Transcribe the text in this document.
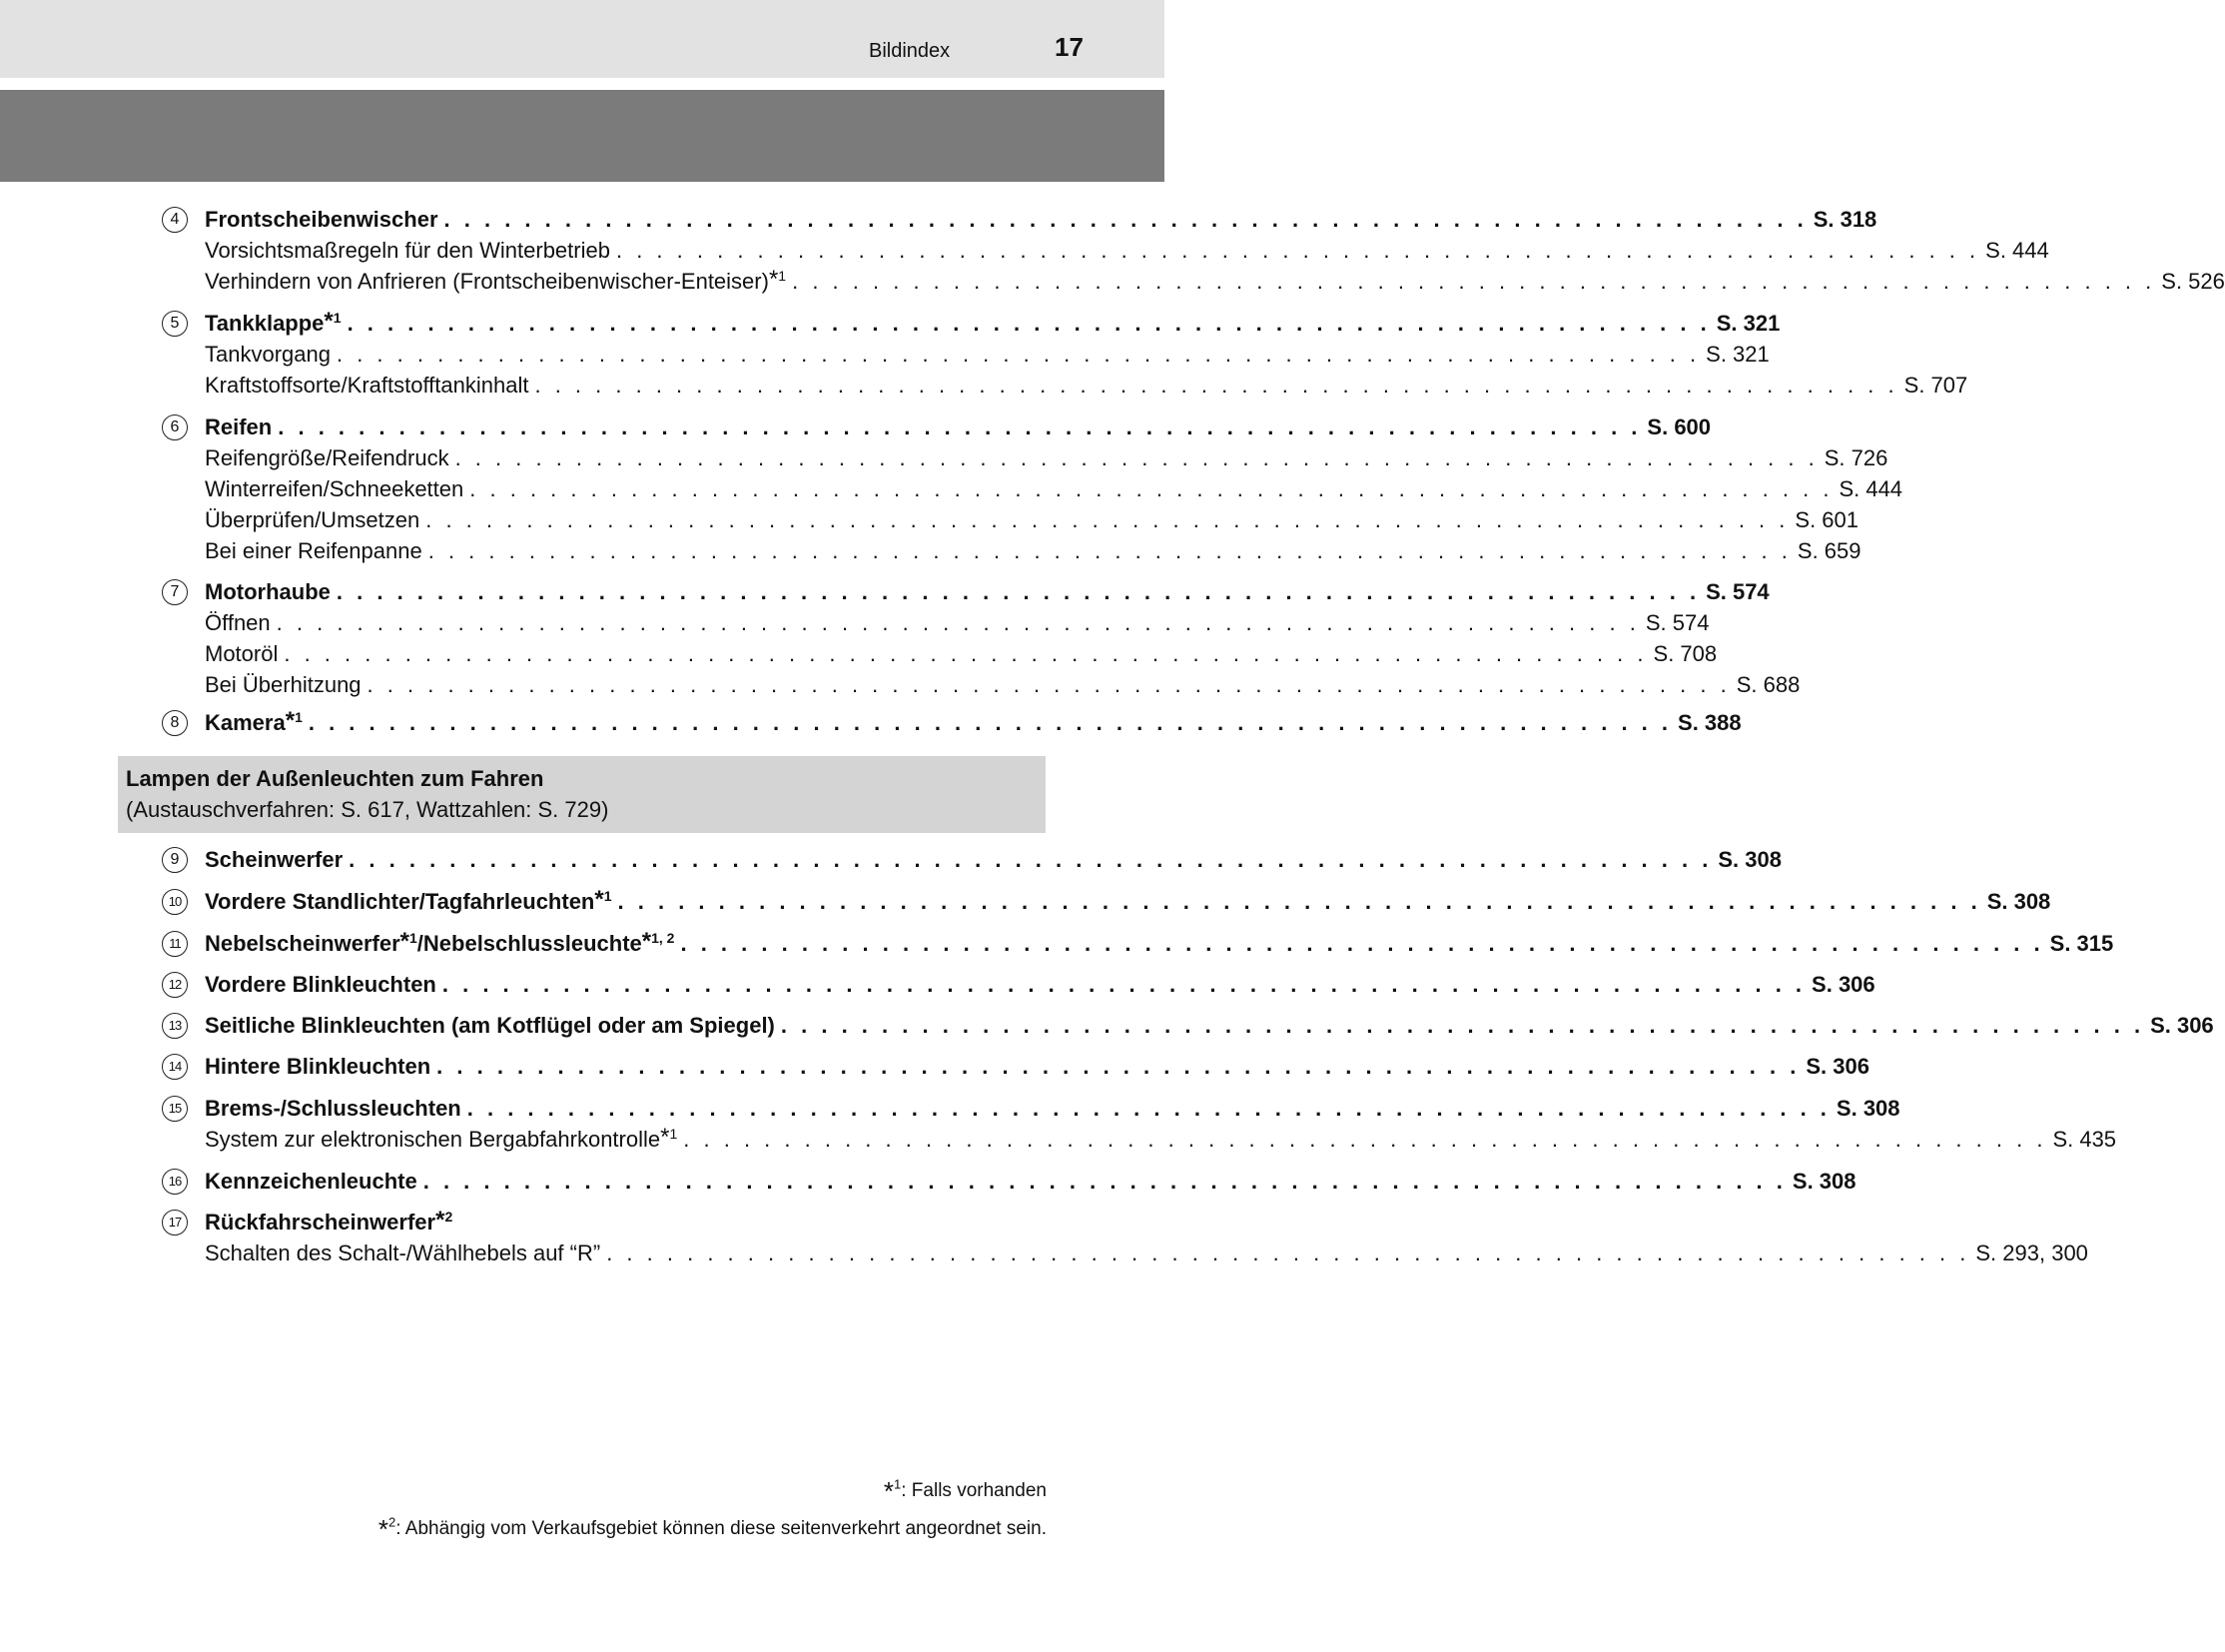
Bildindex	17
4	Frontscheibenwischer . . . . . . . . . . . . . . . . . . . . . . . . . . . . . . . . . . . . . . . . . . . . . . . . . . . . . . . . . . . . . . . . . . . . S. 318
Vorsichtsmaßregeln für den Winterbetrieb . . . . . . . . . . . . . . . . . . . . . . . . . . . . . . . . . . . . . . . . . . . . . . . . . . . . . . . . . . . . . . . . . . . . S. 444
Verhindern von Anfrieren (Frontscheibenwischer-Enteiser)$^{*1}$ . . . . . . . . . . . . . . . . . . . . . . . . . . . . . . . . . . . . . . . . . . . . . . . . . . . . . . . . . . . . . . . . . . . . S. 526
5	Tankklappe$^{*1}$ . . . . . . . . . . . . . . . . . . . . . . . . . . . . . . . . . . . . . . . . . . . . . . . . . . . . . . . . . . . . . . . . . . . . S. 321
Tankvorgang . . . . . . . . . . . . . . . . . . . . . . . . . . . . . . . . . . . . . . . . . . . . . . . . . . . . . . . . . . . . . . . . . . . . S. 321
Kraftstoffsorte/Kraftstofftankinhalt . . . . . . . . . . . . . . . . . . . . . . . . . . . . . . . . . . . . . . . . . . . . . . . . . . . . . . . . . . . . . . . . . . . . S. 707
6	Reifen . . . . . . . . . . . . . . . . . . . . . . . . . . . . . . . . . . . . . . . . . . . . . . . . . . . . . . . . . . . . . . . . . . . . S. 600
Reifengröße/Reifendruck . . . . . . . . . . . . . . . . . . . . . . . . . . . . . . . . . . . . . . . . . . . . . . . . . . . . . . . . . . . . . . . . . . . . S. 726
Winterreifen/Schneeketten . . . . . . . . . . . . . . . . . . . . . . . . . . . . . . . . . . . . . . . . . . . . . . . . . . . . . . . . . . . . . . . . . . . . S. 444
Überprüfen/Umsetzen . . . . . . . . . . . . . . . . . . . . . . . . . . . . . . . . . . . . . . . . . . . . . . . . . . . . . . . . . . . . . . . . . . . . S. 601
Bei einer Reifenpanne . . . . . . . . . . . . . . . . . . . . . . . . . . . . . . . . . . . . . . . . . . . . . . . . . . . . . . . . . . . . . . . . . . . . S. 659
7	Motorhaube . . . . . . . . . . . . . . . . . . . . . . . . . . . . . . . . . . . . . . . . . . . . . . . . . . . . . . . . . . . . . . . . . . . . S. 574
Öffnen . . . . . . . . . . . . . . . . . . . . . . . . . . . . . . . . . . . . . . . . . . . . . . . . . . . . . . . . . . . . . . . . . . . . S. 574
Motoröl . . . . . . . . . . . . . . . . . . . . . . . . . . . . . . . . . . . . . . . . . . . . . . . . . . . . . . . . . . . . . . . . . . . . S. 708
Bei Überhitzung . . . . . . . . . . . . . . . . . . . . . . . . . . . . . . . . . . . . . . . . . . . . . . . . . . . . . . . . . . . . . . . . . . . . S. 688
8	Kamera$^{*1}$ . . . . . . . . . . . . . . . . . . . . . . . . . . . . . . . . . . . . . . . . . . . . . . . . . . . . . . . . . . . . . . . . . . . . S. 388
Lampen der Außenleuchten zum Fahren
(Austauschverfahren: S. 617, Wattzahlen: S. 729)
9	Scheinwerfer . . . . . . . . . . . . . . . . . . . . . . . . . . . . . . . . . . . . . . . . . . . . . . . . . . . . . . . . . . . . . . . . . . . . S. 308
10	Vordere Standlichter/Tagfahrleuchten$^{*1}$ . . . . . . . . . . . . . . . . . . . . . . . . . . . . . . . . . . . . . . . . . . . . . . . . . . . . . . . . . . . . . . . . . . . . S. 308
11	Nebelscheinwerfer$^{*1}$/Nebelschlussleuchte$^{*1, 2}$ . . . . . . . . . . . . . . . . . . . . . . . . . . . . . . . . . . . . . . . . . . . . . . . . . . . . . . . . . . . . . . . . . . . . S. 315
12	Vordere Blinkleuchten . . . . . . . . . . . . . . . . . . . . . . . . . . . . . . . . . . . . . . . . . . . . . . . . . . . . . . . . . . . . . . . . . . . . S. 306
13	Seitliche Blinkleuchten (am Kotflügel oder am Spiegel) . . . . . . . . . . . . . . . . . . . . . . . . . . . . . . . . . . . . . . . . . . . . . . . . . . . . . . . . . . . . . . . . . . . . S. 306
14	Hintere Blinkleuchten . . . . . . . . . . . . . . . . . . . . . . . . . . . . . . . . . . . . . . . . . . . . . . . . . . . . . . . . . . . . . . . . . . . . S. 306
15	Brems-/Schlussleuchten . . . . . . . . . . . . . . . . . . . . . . . . . . . . . . . . . . . . . . . . . . . . . . . . . . . . . . . . . . . . . . . . . . . . S. 308
System zur elektronischen Bergabfahrkontrolle$^{*1}$ . . . . . . . . . . . . . . . . . . . . . . . . . . . . . . . . . . . . . . . . . . . . . . . . . . . . . . . . . . . . . . . . . . . . S. 435
16	Kennzeichenleuchte . . . . . . . . . . . . . . . . . . . . . . . . . . . . . . . . . . . . . . . . . . . . . . . . . . . . . . . . . . . . . . . . . . . . S. 308
17	Rückfahrscheinwerfer$^{*2}$
Schalten des Schalt-/Wählhebels auf “R” . . . . . . . . . . . . . . . . . . . . . . . . . . . . . . . . . . . . . . . . . . . . . . . . . . . . . . . . . . . . . . . . . . . . S. 293, 300
*$^1$: Falls vorhanden
*$^2$: Abhängig vom Verkaufsgebiet können diese seitenverkehrt angeordnet sein.
